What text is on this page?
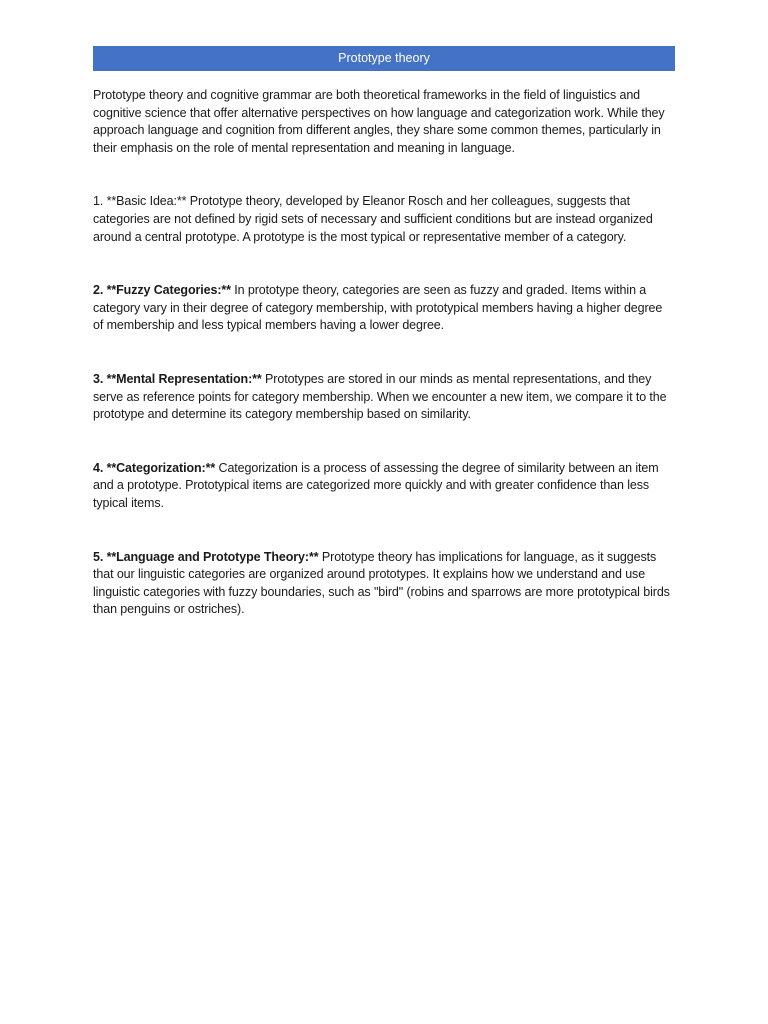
Prototype theory

Prototype theory and cognitive grammar are both theoretical frameworks in the field of linguistics and cognitive science that offer alternative perspectives on how language and categorization work. While they approach language and cognition from different angles, they share some common themes, particularly in their emphasis on the role of mental representation and meaning in language.

1. **Basic Idea:** Prototype theory, developed by Eleanor Rosch and her colleagues, suggests that categories are not defined by rigid sets of necessary and sufficient conditions but are instead organized around a central prototype. A prototype is the most typical or representative member of a category.

2. **Fuzzy Categories:** In prototype theory, categories are seen as fuzzy and graded. Items within a category vary in their degree of category membership, with prototypical members having a higher degree of membership and less typical members having a lower degree.

3. **Mental Representation:** Prototypes are stored in our minds as mental representations, and they serve as reference points for category membership. When we encounter a new item, we compare it to the prototype and determine its category membership based on similarity.

4. **Categorization:** Categorization is a process of assessing the degree of similarity between an item and a prototype. Prototypical items are categorized more quickly and with greater confidence than less typical items.

5. **Language and Prototype Theory:** Prototype theory has implications for language, as it suggests that our linguistic categories are organized around prototypes. It explains how we understand and use linguistic categories with fuzzy boundaries, such as "bird" (robins and sparrows are more prototypical birds than penguins or ostriches).
